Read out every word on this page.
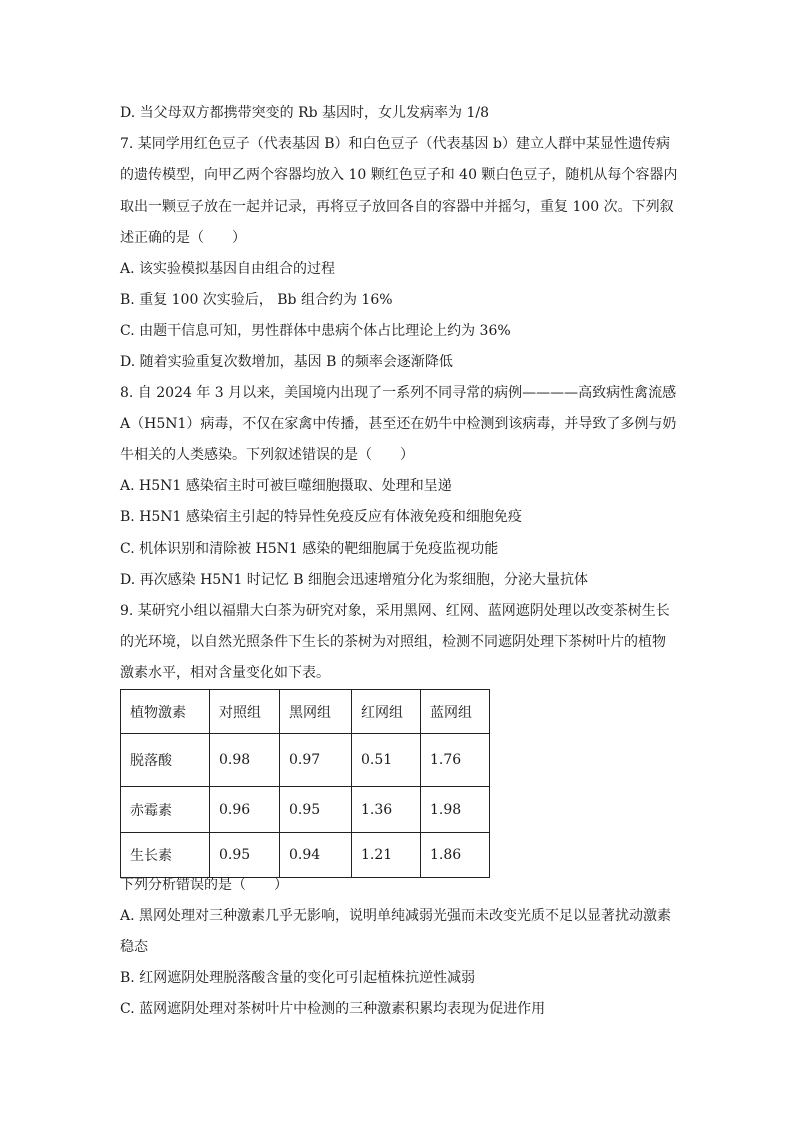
D. 当父母双方都携带突变的 Rb 基因时，女儿发病率为 1/8

7. 某同学用红色豆子（代表基因 B）和白色豆子（代表基因 b）建立人群中某显性遗传病

的遗传模型，向甲乙两个容器均放入 10 颗红色豆子和 40 颗白色豆子，随机从每个容器内

取出一颗豆子放在一起并记录，再将豆子放回各自的容器中并摇匀，重复 100 次。下列叙

述正确的是（　　）

A. 该实验模拟基因自由组合的过程

B. 重复 100 次实验后， Bb 组合约为 16%

C. 由题干信息可知，男性群体中患病个体占比理论上约为 36%

D. 随着实验重复次数增加，基因 B 的频率会逐渐降低

8. 自 2024 年 3 月以来，美国境内出现了一系列不同寻常的病例————高致病性禽流感

A（H5N1）病毒，不仅在家禽中传播，甚至还在奶牛中检测到该病毒，并导致了多例与奶

牛相关的人类感染。下列叙述错误的是（　　）

A. H5N1 感染宿主时可被巨噬细胞摄取、处理和呈递

B. H5N1 感染宿主引起的特异性免疫反应有体液免疫和细胞免疫

C. 机体识别和清除被 H5N1 感染的靶细胞属于免疫监视功能

D. 再次感染 H5N1 时记忆 B 细胞会迅速增殖分化为浆细胞，分泌大量抗体

9. 某研究小组以福鼎大白茶为研究对象，采用黑网、红网、蓝网遮阴处理以改变茶树生长

的光环境，以自然光照条件下生长的茶树为对照组，检测不同遮阴处理下茶树叶片的植物

激素水平，相对含量变化如下表。

植物激素	对照组	黑网组	红网组	蓝网组
脱落酸	0.98	0.97	0.51	1.76
赤霉素	0.96	0.95	1.36	1.98
生长素	0.95	0.94	1.21	1.86

下列分析错误的是（　　）

A. 黑网处理对三种激素几乎无影响，说明单纯减弱光强而未改变光质不足以显著扰动激素

稳态

B. 红网遮阴处理脱落酸含量的变化可引起植株抗逆性减弱

C. 蓝网遮阴处理对茶树叶片中检测的三种激素积累均表现为促进作用
